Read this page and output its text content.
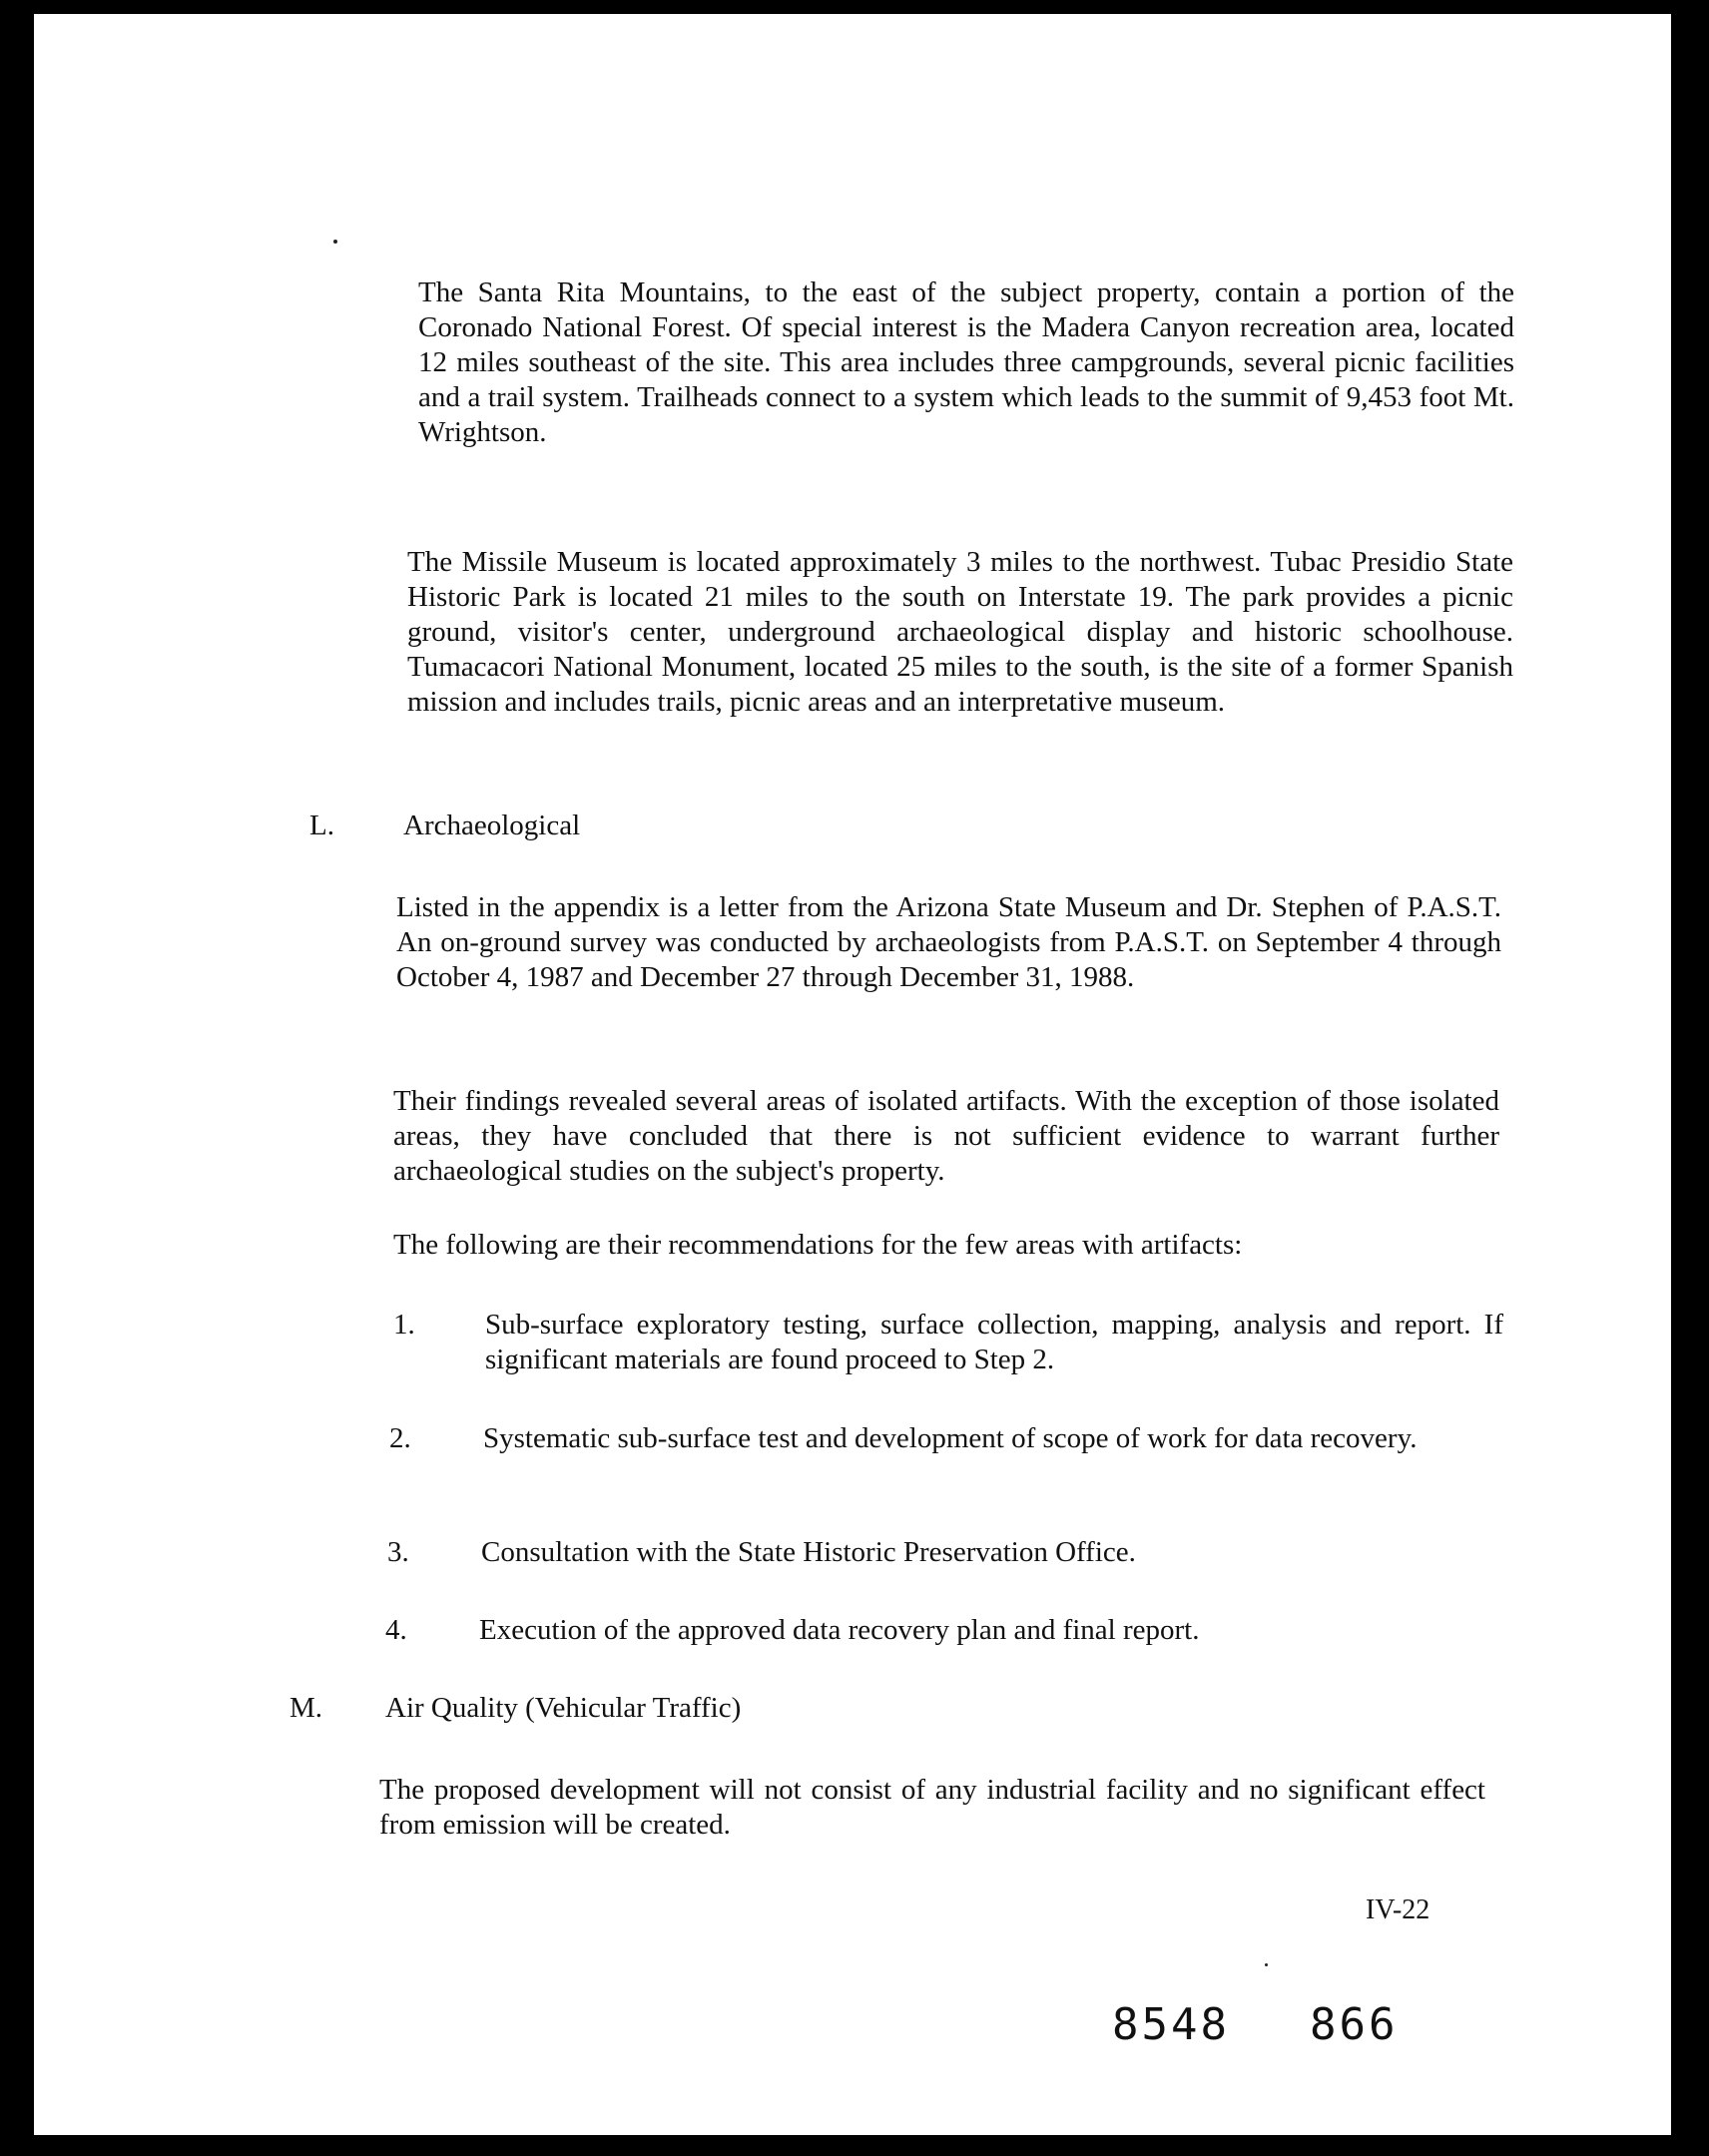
The Santa Rita Mountains, to the east of the subject property, contain a portion of the Coronado National Forest. Of special interest is the Madera Canyon recreation area, located 12 miles southeast of the site. This area includes three campgrounds, several picnic facilities and a trail system. Trailheads connect to a system which leads to the summit of 9,453 foot Mt. Wrightson.

The Missile Museum is located approximately 3 miles to the northwest. Tubac Presidio State Historic Park is located 21 miles to the south on Interstate 19. The park provides a picnic ground, visitor's center, underground archaeological display and historic schoolhouse. Tumacacori National Monument, located 25 miles to the south, is the site of a former Spanish mission and includes trails, picnic areas and an interpretative museum.

L. Archaeological

Listed in the appendix is a letter from the Arizona State Museum and Dr. Stephen of P.A.S.T. An on-ground survey was conducted by archaeologists from P.A.S.T. on September 4 through October 4, 1987 and December 27 through December 31, 1988.

Their findings revealed several areas of isolated artifacts. With the exception of those isolated areas, they have concluded that there is not sufficient evidence to warrant further archaeological studies on the subject's property.

The following are their recommendations for the few areas with artifacts:

1. Sub-surface exploratory testing, surface collection, mapping, analysis and report. If significant materials are found proceed to Step 2.

2. Systematic sub-surface test and development of scope of work for data recovery.

3. Consultation with the State Historic Preservation Office.

4. Execution of the approved data recovery plan and final report.

M. Air Quality (Vehicular Traffic)

The proposed development will not consist of any industrial facility and no significant effect from emission will be created.

IV-22

8548 866
